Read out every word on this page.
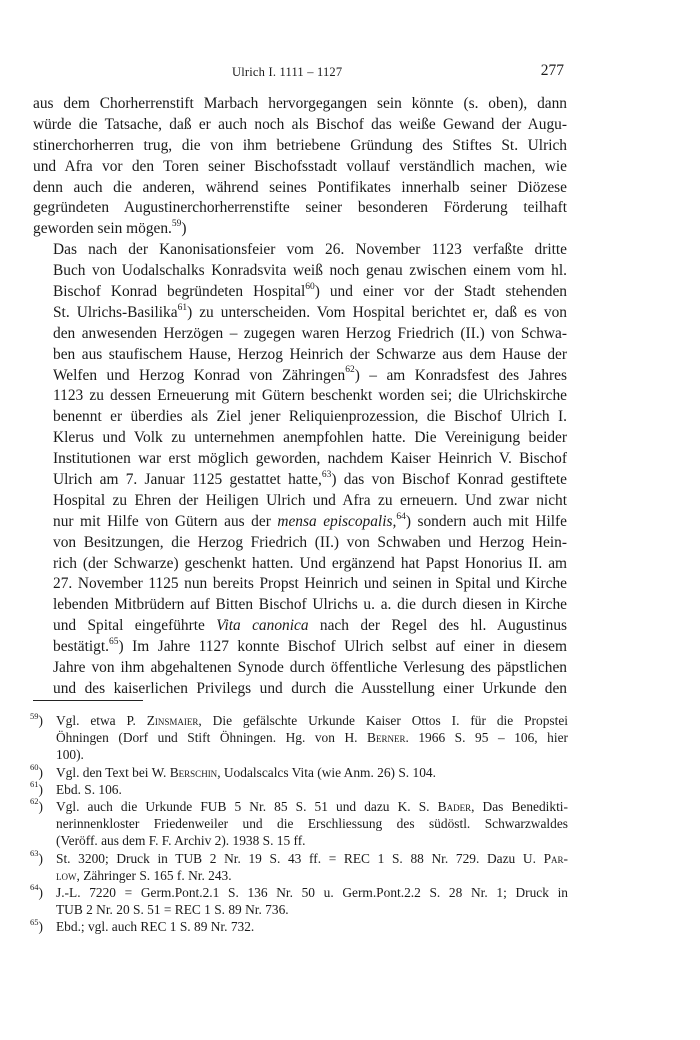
Ulrich I. 1111 – 1127	277

aus dem Chorherrenstift Marbach hervorgegangen sein könnte (s. oben), dann
würde die Tatsache, daß er auch noch als Bischof das weiße Gewand der Augu-
stinerchorherren trug, die von ihm betriebene Gründung des Stiftes St. Ulrich
und Afra vor den Toren seiner Bischofsstadt vollauf verständlich machen, wie
denn auch die anderen, während seines Pontifikates innerhalb seiner Diözese
gegründeten Augustinerchorherrenstifte seiner besonderen Förderung teilhaft
geworden sein mögen.$^{59}$)

Das nach der Kanonisationsfeier vom 26. November 1123 verfaßte dritte
Buch von Uodalschalks Konradsvita weiß noch genau zwischen einem vom hl.
Bischof Konrad begründeten Hospital$^{60}$) und einer vor der Stadt stehenden
St. Ulrichs-Basilika$^{61}$) zu unterscheiden. Vom Hospital berichtet er, daß es von
den anwesenden Herzögen – zugegen waren Herzog Friedrich (II.) von Schwa-
ben aus staufischem Hause, Herzog Heinrich der Schwarze aus dem Hause der
Welfen und Herzog Konrad von Zähringen$^{62}$) – am Konradsfest des Jahres
1123 zu dessen Erneuerung mit Gütern beschenkt worden sei; die Ulrichskirche
benennt er überdies als Ziel jener Reliquienprozession, die Bischof Ulrich I.
Klerus und Volk zu unternehmen anempfohlen hatte. Die Vereinigung beider
Institutionen war erst möglich geworden, nachdem Kaiser Heinrich V. Bischof
Ulrich am 7. Januar 1125 gestattet hatte,$^{63}$) das von Bischof Konrad gestiftete
Hospital zu Ehren der Heiligen Ulrich und Afra zu erneuern. Und zwar nicht
nur mit Hilfe von Gütern aus der mensa episcopalis,$^{64}$) sondern auch mit Hilfe
von Besitzungen, die Herzog Friedrich (II.) von Schwaben und Herzog Hein-
rich (der Schwarze) geschenkt hatten. Und ergänzend hat Papst Honorius II. am
27. November 1125 nun bereits Propst Heinrich und seinen in Spital und Kirche
lebenden Mitbrüdern auf Bitten Bischof Ulrichs u. a. die durch diesen in Kirche
und Spital eingeführte Vita canonica nach der Regel des hl. Augustinus
bestätigt.$^{65}$) Im Jahre 1127 konnte Bischof Ulrich selbst auf einer in diesem
Jahre von ihm abgehaltenen Synode durch öffentliche Verlesung des päpstlichen
und des kaiserlichen Privilegs und durch die Ausstellung einer Urkunde den

$^{59}$) Vgl. etwa P. Zinsmaier, Die gefälschte Urkunde Kaiser Ottos I. für die Propstei
Öhningen (Dorf und Stift Öhningen. Hg. von H. Berner. 1966 S. 95 – 106, hier
100).
$^{60}$) Vgl. den Text bei W. Berschin, Uodalscalcs Vita (wie Anm. 26) S. 104.
$^{61}$) Ebd. S. 106.
$^{62}$) Vgl. auch die Urkunde FUB 5 Nr. 85 S. 51 und dazu K. S. Bader, Das Benedikti-
nerinnenkloster Friedenweiler und die Erschliessung des südöstl. Schwarzwaldes
(Veröff. aus dem F. F. Archiv 2). 1938 S. 15 ff.
$^{63}$) St. 3200; Druck in TUB 2 Nr. 19 S. 43 ff. = REC 1 S. 88 Nr. 729. Dazu U. Par-
low, Zähringer S. 165 f. Nr. 243.
$^{64}$) J.-L. 7220 = Germ.Pont.2.1 S. 136 Nr. 50 u. Germ.Pont.2.2 S. 28 Nr. 1; Druck in
TUB 2 Nr. 20 S. 51 = REC 1 S. 89 Nr. 736.
$^{65}$) Ebd.; vgl. auch REC 1 S. 89 Nr. 732.
